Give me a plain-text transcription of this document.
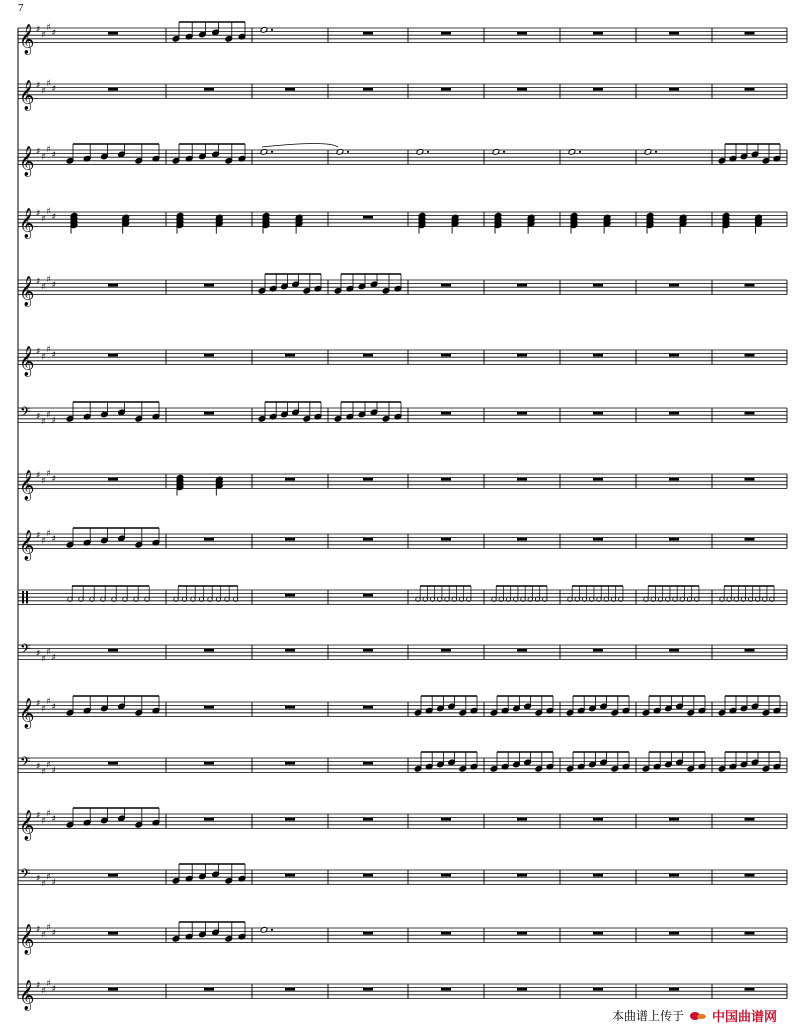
7
𝄞 ♯
♯
♯
♯
𝄞 ♯
♯
♯
♯
𝄞 ♯
♯
♯
♯
𝄞 ♯
♯
♯
♯
𝄞 ♯
♯
♯
♯
𝄞 ♯
♯
♯
♯
𝄢 ♯
♯
♯
♯
𝄞 ♯
♯
♯
♯
𝄞 ♯
♯
♯
♯
𝄢 ♯
♯
♯
♯
𝄞 ♯
♯
♯
♯
𝄢 ♯
♯
♯
♯
𝄞 ♯
♯
♯
♯
𝄢 ♯
♯
♯
♯
𝄞 ♯
♯
♯
♯
𝄞 ♯
♯
♯
♯
本曲谱上传于 中国曲谱网
